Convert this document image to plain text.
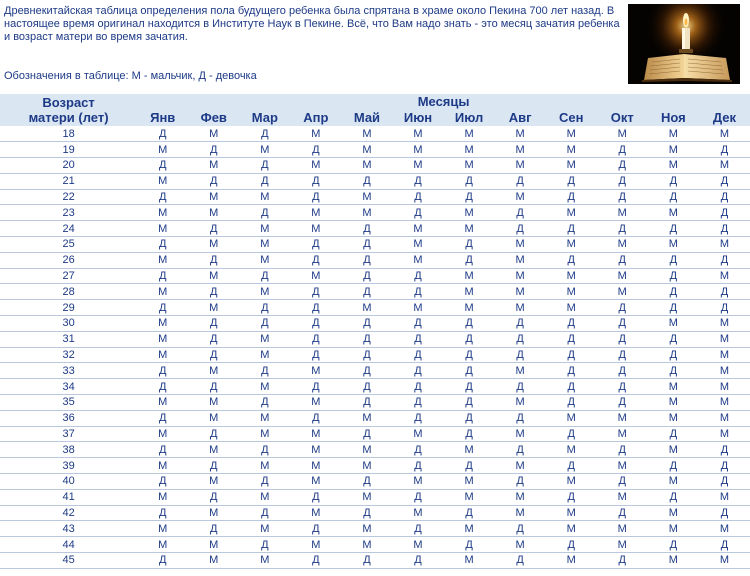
Древнекитайская таблица определения пола будущего ребенка была спрятана в храме около Пекина 700 лет назад. В настоящее время оригинал находится в Институте Наук в Пекине. Всё, что Вам надо знать - это месяц зачатия ребенка и возраст матери во время зачатия.
Обозначения в таблице: М - мальчик, Д - девочка
Возраст
матери (лет)	Месяцы											
	Янв	Фев	Мар	Апр	Май	Июн	Июл	Авг	Сен	Окт	Ноя	Дек
18	Д	М	Д	М	М	М	М	М	М	М	М	М
19	М	Д	М	Д	М	М	М	М	М	Д	М	Д
20	Д	М	Д	М	М	М	М	М	М	Д	М	М
21	М	Д	Д	Д	Д	Д	Д	Д	Д	Д	Д	Д
22	Д	М	М	Д	М	Д	Д	М	Д	Д	Д	Д
23	М	М	Д	М	М	Д	М	Д	М	М	М	Д
24	М	Д	М	М	Д	М	М	Д	Д	Д	Д	Д
25	Д	М	М	Д	Д	М	Д	М	М	М	М	М
26	М	Д	М	Д	Д	М	Д	М	Д	Д	Д	Д
27	Д	М	Д	М	Д	Д	М	М	М	М	Д	М
28	М	Д	М	Д	Д	Д	М	М	М	М	Д	Д
29	Д	М	Д	Д	М	М	М	М	М	Д	Д	Д
30	М	Д	Д	Д	Д	Д	Д	Д	Д	Д	М	М
31	М	Д	М	Д	Д	Д	Д	Д	Д	Д	Д	М
32	М	Д	М	Д	Д	Д	Д	Д	Д	Д	Д	М
33	Д	М	Д	М	Д	Д	Д	М	Д	Д	Д	М
34	Д	Д	М	Д	Д	Д	Д	Д	Д	Д	М	М
35	М	М	Д	М	Д	Д	Д	М	Д	Д	М	М
36	Д	М	М	Д	М	Д	Д	Д	М	М	М	М
37	М	Д	М	М	Д	М	Д	М	Д	М	Д	М
38	Д	М	Д	М	М	Д	М	Д	М	Д	М	Д
39	М	Д	М	М	М	Д	Д	М	Д	М	Д	Д
40	Д	М	Д	М	Д	М	М	Д	М	Д	М	Д
41	М	Д	М	Д	М	Д	М	М	Д	М	Д	М
42	Д	М	Д	М	Д	М	Д	М	М	Д	М	Д
43	М	Д	М	Д	М	Д	М	Д	М	М	М	М
44	М	М	Д	М	М	М	Д	М	Д	М	Д	Д
45	Д	М	М	Д	Д	Д	М	Д	М	Д	М	М
